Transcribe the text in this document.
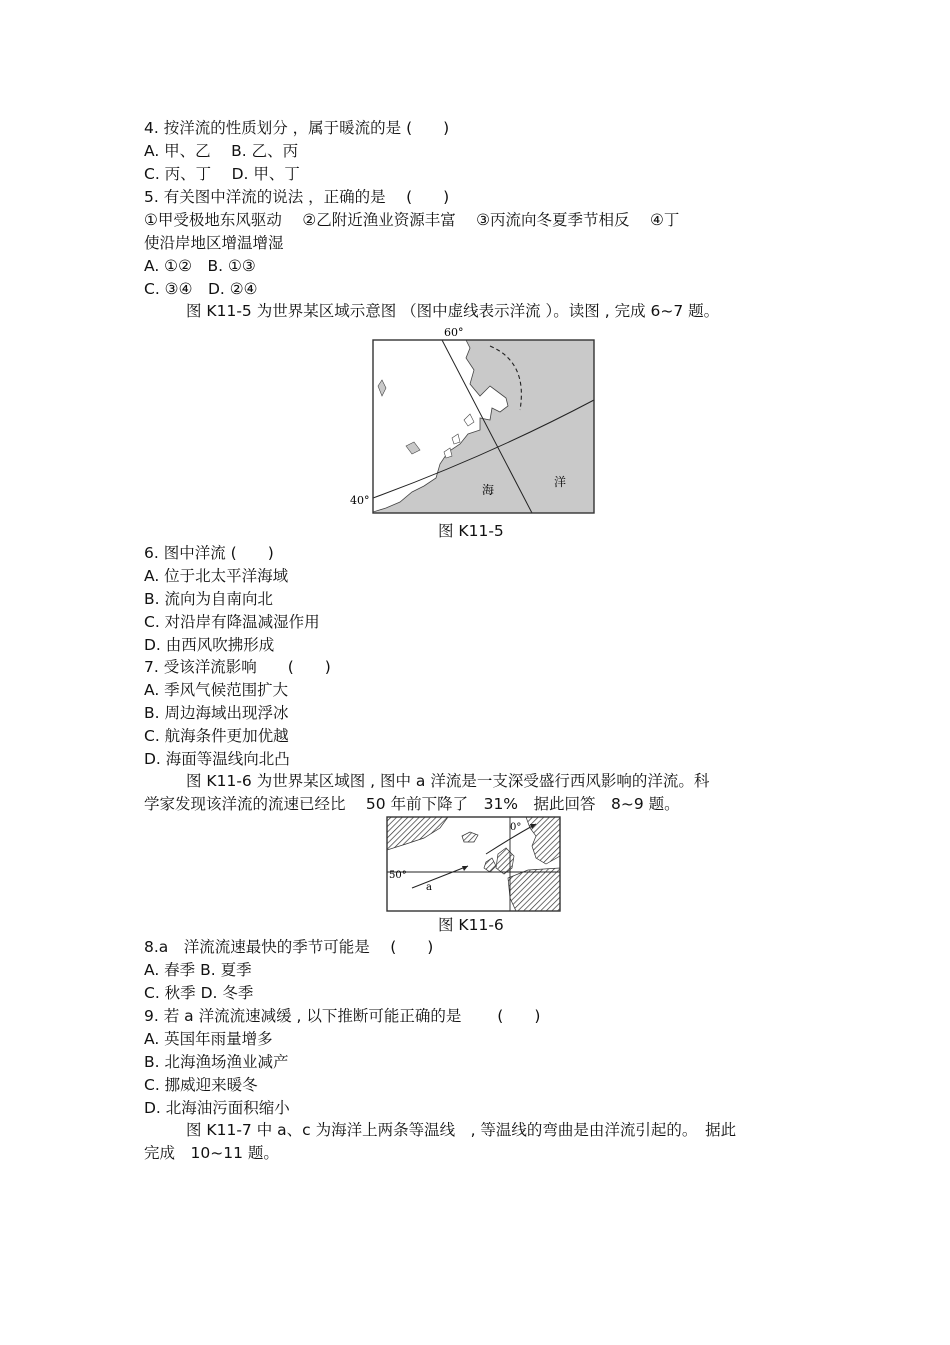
4. 按洋流的性质划分 ，属于暖流的是 (　　)
A. 甲、乙　 B. 乙、丙
C. 丙、丁　 D. 甲、丁
5. 有关图中洋流的说法 ，正确的是　 (　　)
①甲受极地东风驱动　 ②乙附近渔业资源丰富　 ③丙流向冬夏季节相反　 ④丁
使沿岸地区增温增湿
A. ①②　B. ①③
C. ③④　D. ②④
图 K11-5 为世界某区域示意图 （图中虚线表示洋流 ）。读图 , 完成 6~7 题。
60°
40°
海
洋
图 K11-5
6. 图中洋流 (　　)
A. 位于北太平洋海域
B. 流向为自南向北
C. 对沿岸有降温减湿作用
D. 由西风吹拂形成
7. 受该洋流影响　　(　　)
A. 季风气候范围扩大
B. 周边海域出现浮冰
C. 航海条件更加优越
D. 海面等温线向北凸
图 K11-6 为世界某区域图 , 图中 a 洋流是一支深受盛行西风影响的洋流。科
学家发现该洋流的流速已经比　 50 年前下降了　31%　据此回答　8~9 题。
0°
50°
a
图 K11-6
8.a　洋流流速最快的季节可能是　 (　　)
A. 春季 B. 夏季
C. 秋季 D. 冬季
9. 若 a 洋流流速减缓 , 以下推断可能正确的是　　 (　　)
A. 英国年雨量增多
B. 北海渔场渔业减产
C. 挪威迎来暖冬
D. 北海油污面积缩小
图 K11-7 中 a、c 为海洋上两条等温线　, 等温线的弯曲是由洋流引起的。　据此
完成　10~11 题。
